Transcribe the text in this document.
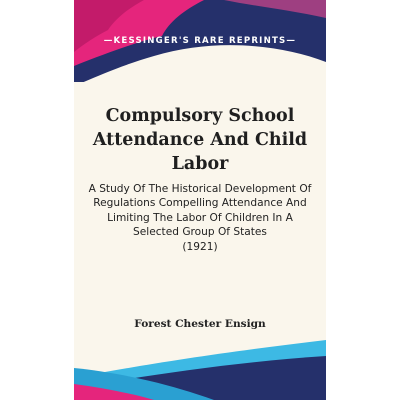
—KESSINGER'S RARE REPRINTS—
Compulsory School Attendance And Child Labor
A Study Of The Historical Development Of Regulations Compelling Attendance And Limiting The Labor Of Children In A Selected Group Of States
(1921)
Forest Chester Ensign
